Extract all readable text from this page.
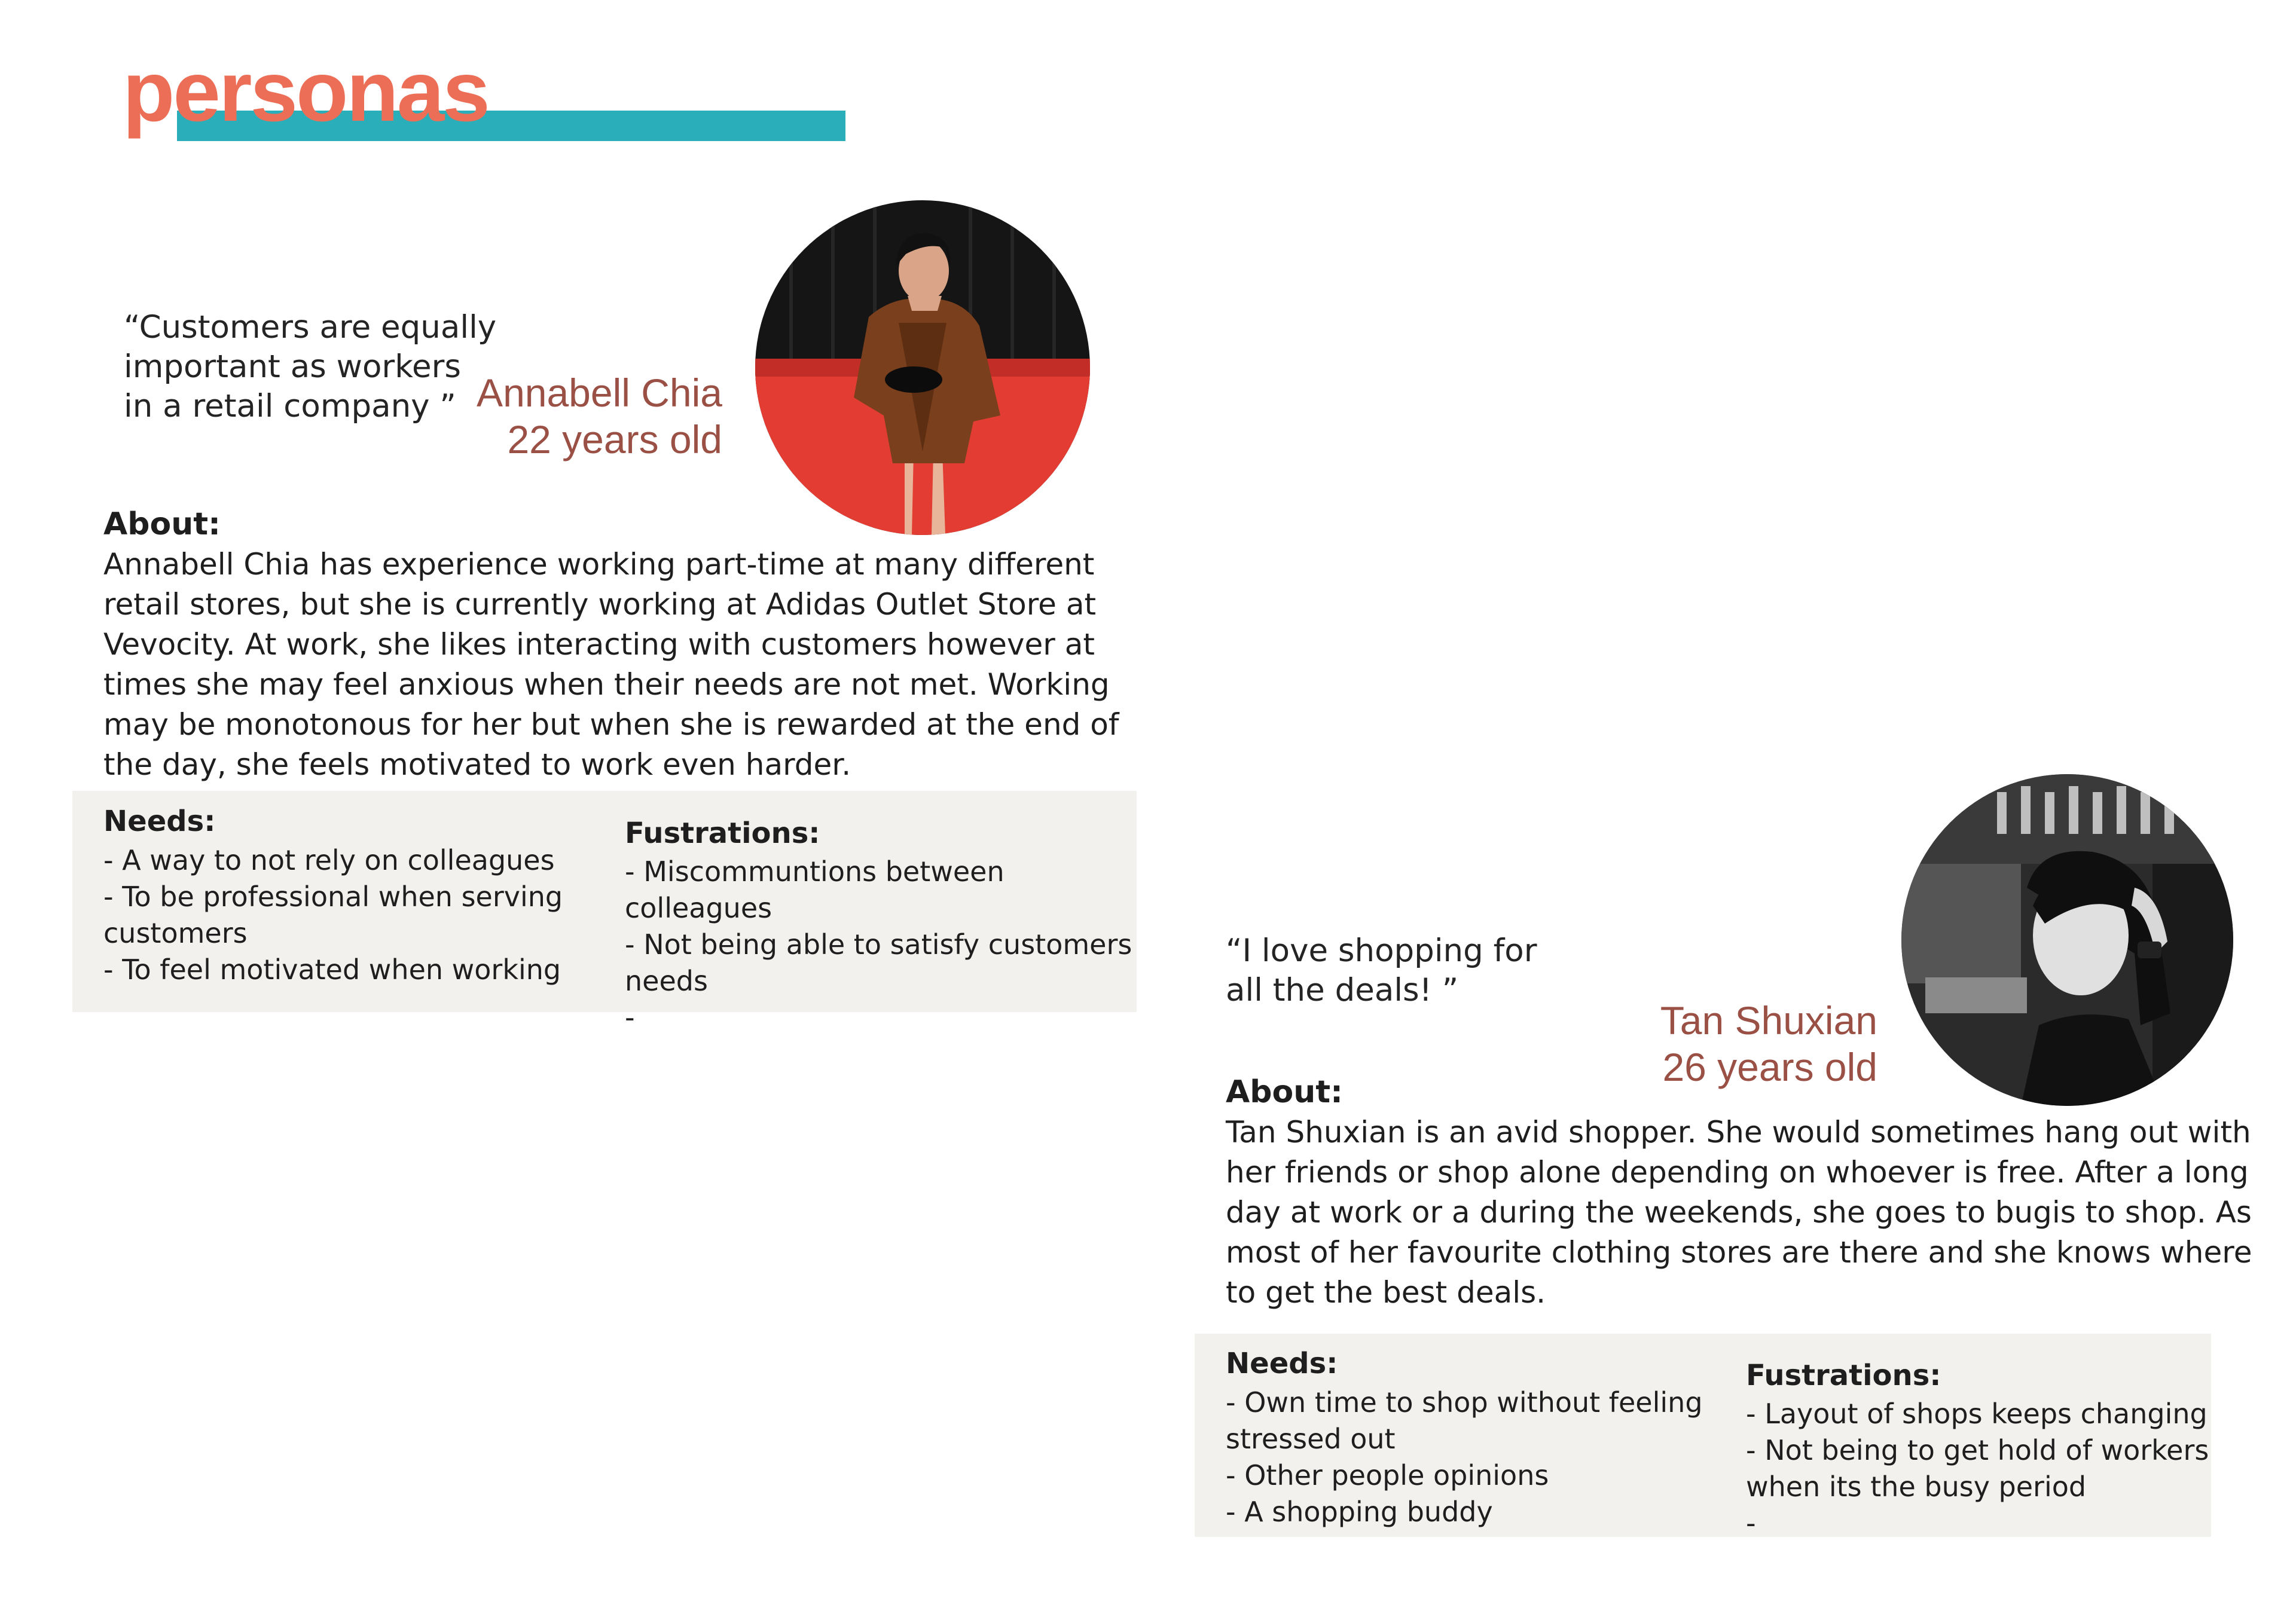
personas
“Customers are equally
important as workers
in a retail company ” Annabell Chia
22 years old
About:
Annabell Chia has experience working part-time at many different
retail stores, but she is currently working at Adidas Outlet Store at
Vevocity. At work, she likes interacting with customers however at
times she may feel anxious when their needs are not met. Working
may be monotonous for her but when she is rewarded at the end of
the day, she feels motivated to work even harder.
Needs:
- A way to not rely on colleagues
- To be professional when serving
customers
- To feel motivated when working
Fustrations:
- Miscommuntions between
colleagues
- Not being able to satisfy customers
needs
-
“I love shopping for
all the deals! ”
Tan Shuxian
26 years old
About:
Tan Shuxian is an avid shopper. She would sometimes hang out with
her friends or shop alone depending on whoever is free. After a long
day at work or a during the weekends, she goes to bugis to shop. As
most of her favourite clothing stores are there and she knows where
to get the best deals.
Needs:
- Own time to shop without feeling
stressed out
- Other people opinions
- A shopping buddy
Fustrations:
- Layout of shops keeps changing
- Not being to get hold of workers
when its the busy period
-
